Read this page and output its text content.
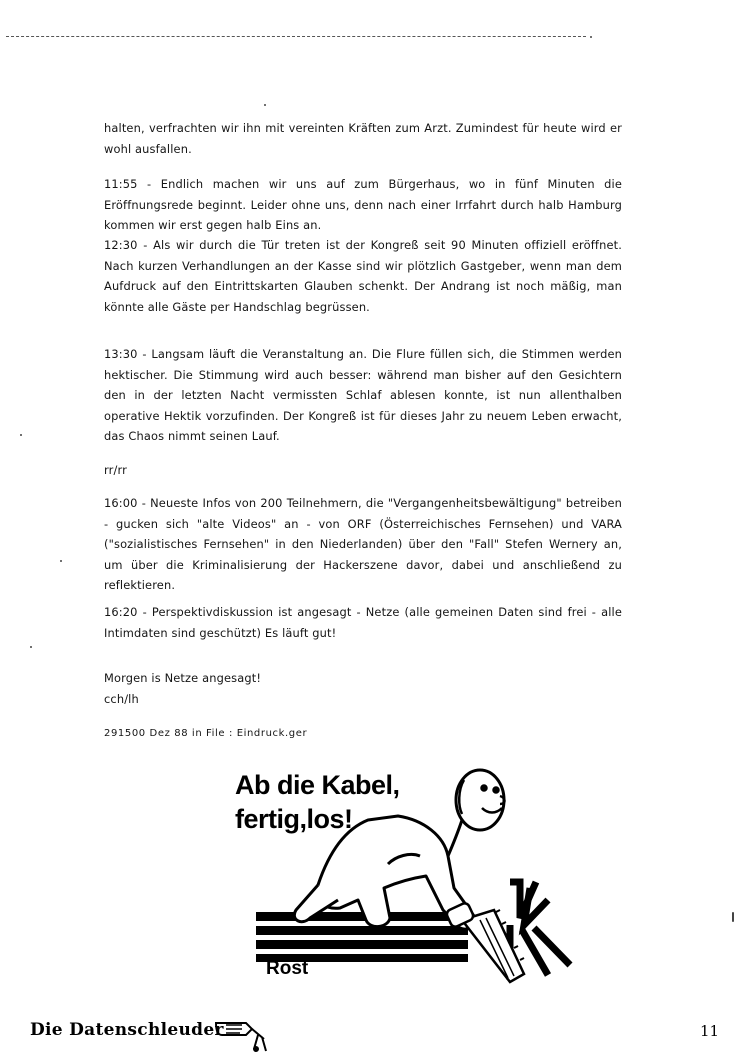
halten, verfrachten wir ihn mit vereinten Kräften zum Arzt. Zumindest für heute wird er wohl ausfallen.

11:55 - Endlich machen wir uns auf zum Bürgerhaus, wo in fünf Minuten die Eröffnungsrede beginnt. Leider ohne uns, denn nach einer Irrfahrt durch halb Hamburg kommen wir erst gegen halb Eins an.

12:30 - Als wir durch die Tür treten ist der Kongreß seit 90 Minuten offiziell eröffnet. Nach kurzen Verhandlungen an der Kasse sind wir plötzlich Gastgeber, wenn man dem Aufdruck auf den Eintrittskarten Glauben schenkt. Der Andrang ist noch mäßig, man könnte alle Gäste per Handschlag begrüssen.

13:30 - Langsam läuft die Veranstaltung an. Die Flure füllen sich, die Stimmen werden hektischer. Die Stimmung wird auch besser: während man bisher auf den Gesichtern den in der letzten Nacht vermissten Schlaf ablesen konnte, ist nun allenthalben operative Hektik vorzufinden. Der Kongreß ist für dieses Jahr zu neuem Leben erwacht, das Chaos nimmt seinen Lauf.

rr/rr

16:00 - Neueste Infos von 200 Teilnehmern, die "Vergangenheitsbewältigung" betreiben - gucken sich "alte Videos" an - von ORF (Österreichisches Fernsehen) und VARA ("sozialistisches Fernsehen" in den Niederlanden) über den "Fall" Stefen Wernery an, um über die Kriminalisierung der Hackerszene davor, dabei und anschließend zu reflektieren.

16:20 - Perspektivdiskussion ist angesagt - Netze (alle gemeinen Daten sind frei - alle Intimdaten sind geschützt) Es läuft gut!

Morgen is Netze angesagt!
cch/lh

291500 Dez 88 in File : Eindruck.ger

Ab die Kabel,
fertig,los!
Rost
Die Datenschleuder	11
